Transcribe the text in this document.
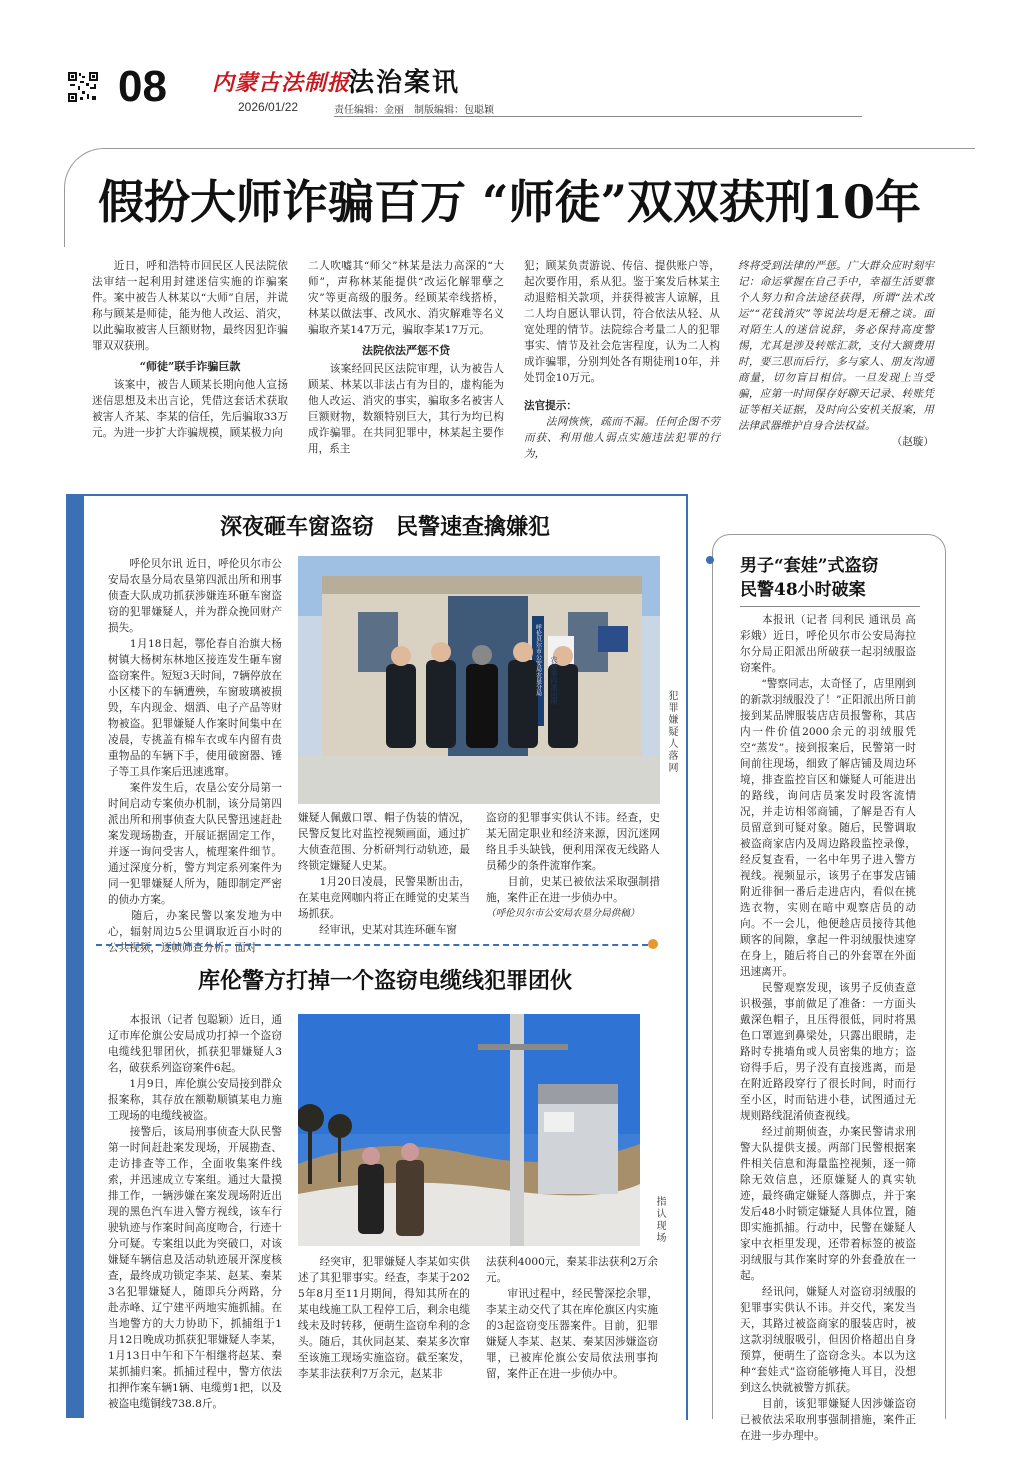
08 内蒙古法制报
2026/01/22
法治案讯
责任编辑：金丽　制版编辑：包聪颖
假扮大师诈骗百万 “师徒”双双获刑10年
　　近日，呼和浩特市回民区人民法院依法审结一起利用封建迷信实施的诈骗案件。案中被告人林某以“大师”自居，并谎称与顾某是师徒，能为他人改运、消灾，以此骗取被害人巨额财物，最终因犯诈骗罪双双获刑。
“师徒”联手诈骗巨款
　　该案中，被告人顾某长期向他人宣扬迷信思想及未出言论，凭借这套话术获取被害人齐某、李某的信任，先后骗取33万元。为进一步扩大诈骗规模，顾某极力向
二人吹嘘其“师父”林某是法力高深的“大师”，声称林某能提供“改运化解罪孽之灾”等更高级的服务。经顾某牵线搭桥，林某以做法事、改风水、消灾解难等名义骗取齐某147万元，骗取李某17万元。
法院依法严惩不贷
　　该案经回民区法院审理，认为被告人顾某、林某以非法占有为目的，虚构能为他人改运、消灾的事实，骗取多名被害人巨额财物，数额特别巨大，其行为均已构成诈骗罪。在共同犯罪中，林某起主要作用，系主
犯；顾某负责游说、传信、提供账户等，起次要作用，系从犯。鉴于案发后林某主动退赔相关款项，并获得被害人谅解，且二人均自愿认罪认罚，符合依法从轻、从宽处理的情节。法院综合考量二人的犯罪事实、情节及社会危害程度，认为二人构成诈骗罪，分别判处各有期徒刑10年，并处罚金10万元。
法官提示：
　　法网恢恢，疏而不漏。任何企图不劳而获、利用他人弱点实施违法犯罪的行为，
终将受到法律的严惩。广大群众应时刻牢记：命运掌握在自己手中，幸福生活要靠个人努力和合法途径获得，所谓“法术改运”“花钱消灾”等说法均是无稽之谈。面对陌生人的迷信说辞，务必保持高度警惕，尤其是涉及转账汇款，支付大额费用时，要三思而后行，多与家人、朋友沟通商量，切勿盲目相信。一旦发现上当受骗，应第一时间保存好聊天记录、转账凭证等相关证据，及时向公安机关报案，用法律武器维护自身合法权益。
（赵璇）
深夜砸车窗盗窃　民警速查擒嫌犯
　　呼伦贝尔讯 近日，呼伦贝尔市公安局农垦分局农垦第四派出所和刑事侦查大队成功抓获涉嫌连环砸车窗盗窃的犯罪嫌疑人，并为群众挽回财产损失。
　　1月18日起，鄂伦春自治旗大杨树镇大杨树东林地区接连发生砸车窗盗窃案件。短短3天时间，7辆停放在小区楼下的车辆遭殃，车窗玻璃被损毁，车内现金、烟酒、电子产品等财物被盗。犯罪嫌疑人作案时间集中在凌晨，专挑盖有棉车衣或车内留有贵重物品的车辆下手，使用破窗器、锤子等工具作案后迅速逃窜。
　　案件发生后，农垦公安分局第一时间启动专案侦办机制，该分局第四派出所和刑事侦查大队民警迅速赶赴案发现场勘查，开展证据固定工作，并逐一询问受害人，梳理案件细节。通过深度分析，警方判定系列案件为同一犯罪嫌疑人所为，随即制定严密的侦办方案。
　　随后，办案民警以案发地为中心，辐射周边5公里调取近百小时的公共视频，逐帧筛查分析。面对
农垦第四派出所
呼伦贝尔市公安局农垦分局
犯罪嫌疑人落网
嫌疑人佩戴口罩、帽子伪装的情况，民警反复比对监控视频画面，通过扩大侦查范围、分析研判行动轨迹，最终锁定嫌疑人史某。
　　1月20日凌晨，民警果断出击，在某电竞网咖内将正在睡觉的史某当场抓获。
　　经审讯，史某对其连环砸车窗
盗窃的犯罪事实供认不讳。经查，史某无固定职业和经济来源，因沉迷网络且手头缺钱，便利用深夜无线路人员稀少的条件流窜作案。
　　目前，史某已被依法采取强制措施，案件正在进一步侦办中。
（呼伦贝尔市公安局农垦分局供稿）
库伦警方打掉一个盗窃电缆线犯罪团伙
　　本报讯（记者 包聪颖）近日，通辽市库伦旗公安局成功打掉一个盗窃电缆线犯罪团伙，抓获犯罪嫌疑人3名，破获系列盗窃案件6起。
　　1月9日，库伦旗公安局接到群众报案称，其存放在额勒顺镇某电力施工现场的电缆线被盗。
　　接警后，该局刑事侦查大队民警第一时间赶赴案发现场，开展勘查、走访排查等工作，全面收集案件线索，并迅速成立专案组。通过大量摸排工作，一辆涉嫌在案发现场附近出现的黑色汽车进入警方视线，该车行驶轨迹与作案时间高度吻合，行迹十分可疑。专案组以此为突破口，对该嫌疑车辆信息及活动轨迹展开深度核查，最终成功锁定李某、赵某、秦某3名犯罪嫌疑人，随即兵分两路，分赴赤峰、辽宁建平两地实施抓捕。在当地警方的大力协助下，抓捕组于1月12日晚成功抓获犯罪嫌疑人李某，1月13日中午和下午相继将赵某、秦某抓捕归案。抓捕过程中，警方依法扣押作案车辆1辆、电缆剪1把，以及被盗电缆铜线738.8斤。
指认现场
　　经突审，犯罪嫌疑人李某如实供述了其犯罪事实。经查，李某于2025年8月至11月期间，得知其所在的某电线施工队工程停工后，剩余电缆线未及时转移，便萌生盗窃牟利的念头。随后，其伙同赵某、秦某多次窜至该施工现场实施盗窃。截至案发，李某非法获利7万余元，赵某非
法获利4000元，秦某非法获利2万余元。
　　审讯过程中，经民警深挖余罪，李某主动交代了其在库伦旗区内实施的3起盗窃变压器案件。目前，犯罪嫌疑人李某、赵某、秦某因涉嫌盗窃罪，已被库伦旗公安局依法刑事拘留，案件正在进一步侦办中。
男子“套娃”式盗窃
民警48小时破案
　　本报讯（记者 闫利民 通讯员 高彩娥）近日，呼伦贝尔市公安局海拉尔分局正阳派出所破获一起羽绒服盗窃案件。
　　“警察同志，太奇怪了，店里刚到的新款羽绒服没了！”正阳派出所日前接到某品牌服装店店员报警称，其店内一件价值2000余元的羽绒服凭空“蒸发”。接到报案后，民警第一时间前往现场，细致了解店铺及周边环境，排查监控盲区和嫌疑人可能进出的路线，询问店员案发时段客流情况，并走访相邻商铺，了解是否有人员留意到可疑对象。随后，民警调取被盗商家店内及周边路段监控录像，经反复查看，一名中年男子进入警方视线。视频显示，该男子在事发店铺附近徘徊一番后走进店内，看似在挑选衣物，实则在暗中观察店员的动向。不一会儿，他便趁店员接待其他顾客的间隙，拿起一件羽绒服快速穿在身上，随后将自己的外套罩在外面迅速离开。
　　民警观察发现，该男子反侦查意识极强，事前做足了准备：一方面头戴深色帽子，且压得很低，同时将黑色口罩遮到鼻梁处，只露出眼睛，走路时专挑墙角或人员密集的地方；盗窃得手后，男子没有直接逃离，而是在附近路段穿行了很长时间，时而行至小区，时而钻进小巷，试图通过无规则路线混淆侦查视线。
　　经过前期侦查，办案民警请求刑警大队提供支援。两部门民警根据案件相关信息和海量监控视频，逐一筛除无效信息，还原嫌疑人的真实轨迹，最终确定嫌疑人落脚点，并于案发后48小时锁定嫌疑人具体位置，随即实施抓捕。行动中，民警在嫌疑人家中衣柜里发现，还带着标签的被盗羽绒服与其作案时穿的外套叠放在一起。
　　经讯问，嫌疑人对盗窃羽绒服的犯罪事实供认不讳。并交代，案发当天，其路过被盗商家的服装店时，被这款羽绒服吸引，但因价格超出自身预算，便萌生了盗窃念头。本以为这种“套娃式”盗窃能够掩人耳目，没想到这么快就被警方抓获。
　　目前，该犯罪嫌疑人因涉嫌盗窃已被依法采取刑事强制措施，案件正在进一步办理中。
